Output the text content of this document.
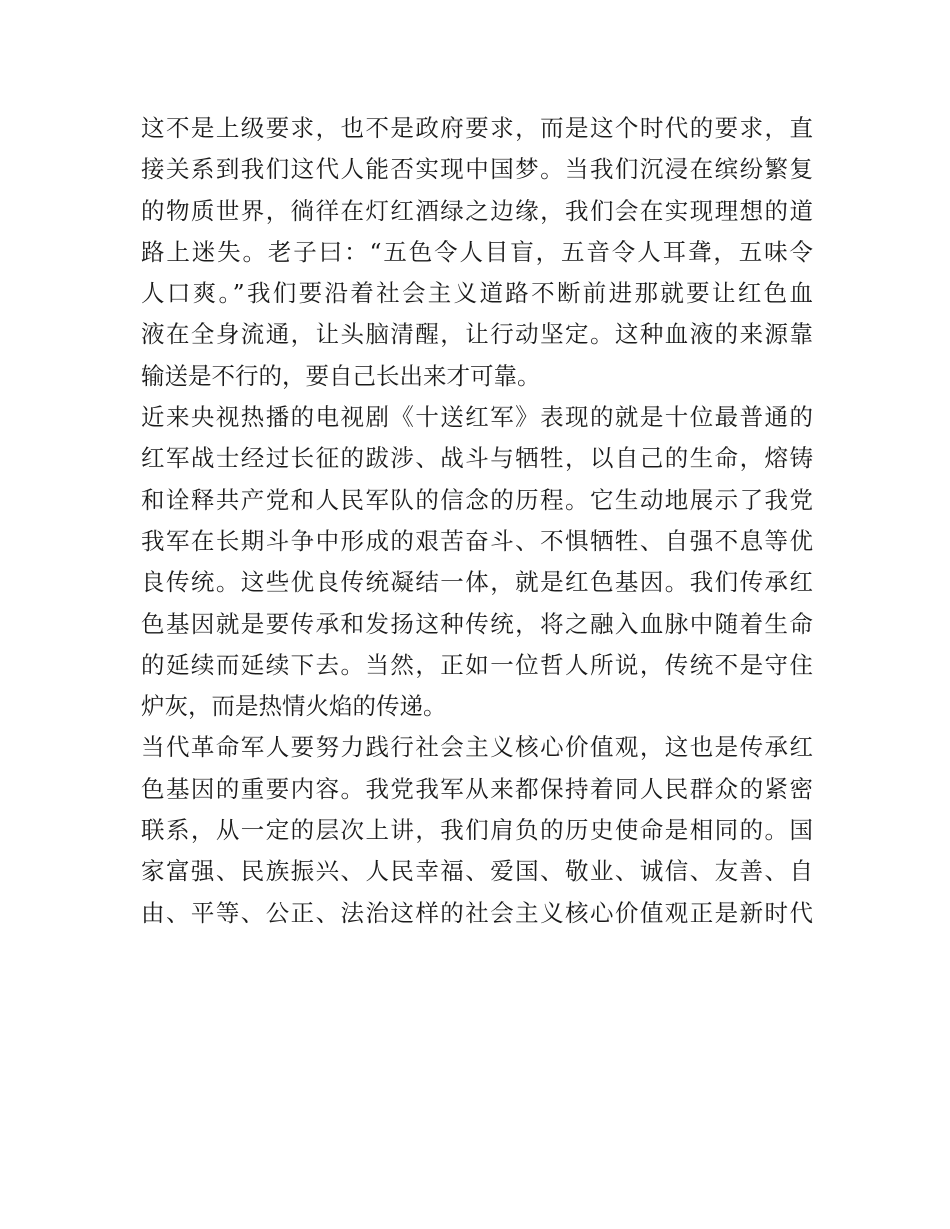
这不是上级要求，也不是政府要求，而是这个时代的要求，直
接关系到我们这代人能否实现中国梦。当我们沉浸在缤纷繁复
的物质世界，徜徉在灯红酒绿之边缘，我们会在实现理想的道
路上迷失。老子曰：“五色令人目盲，五音令人耳聋，五味令
人口爽。”我们要沿着社会主义道路不断前进那就要让红色血
液在全身流通，让头脑清醒，让行动坚定。这种血液的来源靠
输送是不行的，要自己长出来才可靠。
近来央视热播的电视剧《十送红军》表现的就是十位最普通的
红军战士经过长征的跋涉、战斗与牺牲，以自己的生命，熔铸
和诠释共产党和人民军队的信念的历程。它生动地展示了我党
我军在长期斗争中形成的艰苦奋斗、不惧牺牲、自强不息等优
良传统。这些优良传统凝结一体，就是红色基因。我们传承红
色基因就是要传承和发扬这种传统，将之融入血脉中随着生命
的延续而延续下去。当然，正如一位哲人所说，传统不是守住
炉灰，而是热情火焰的传递。
当代革命军人要努力践行社会主义核心价值观，这也是传承红
色基因的重要内容。我党我军从来都保持着同人民群众的紧密
联系，从一定的层次上讲，我们肩负的历史使命是相同的。国
家富强、民族振兴、人民幸福、爱国、敬业、诚信、友善、自
由、平等、公正、法治这样的社会主义核心价值观正是新时代
